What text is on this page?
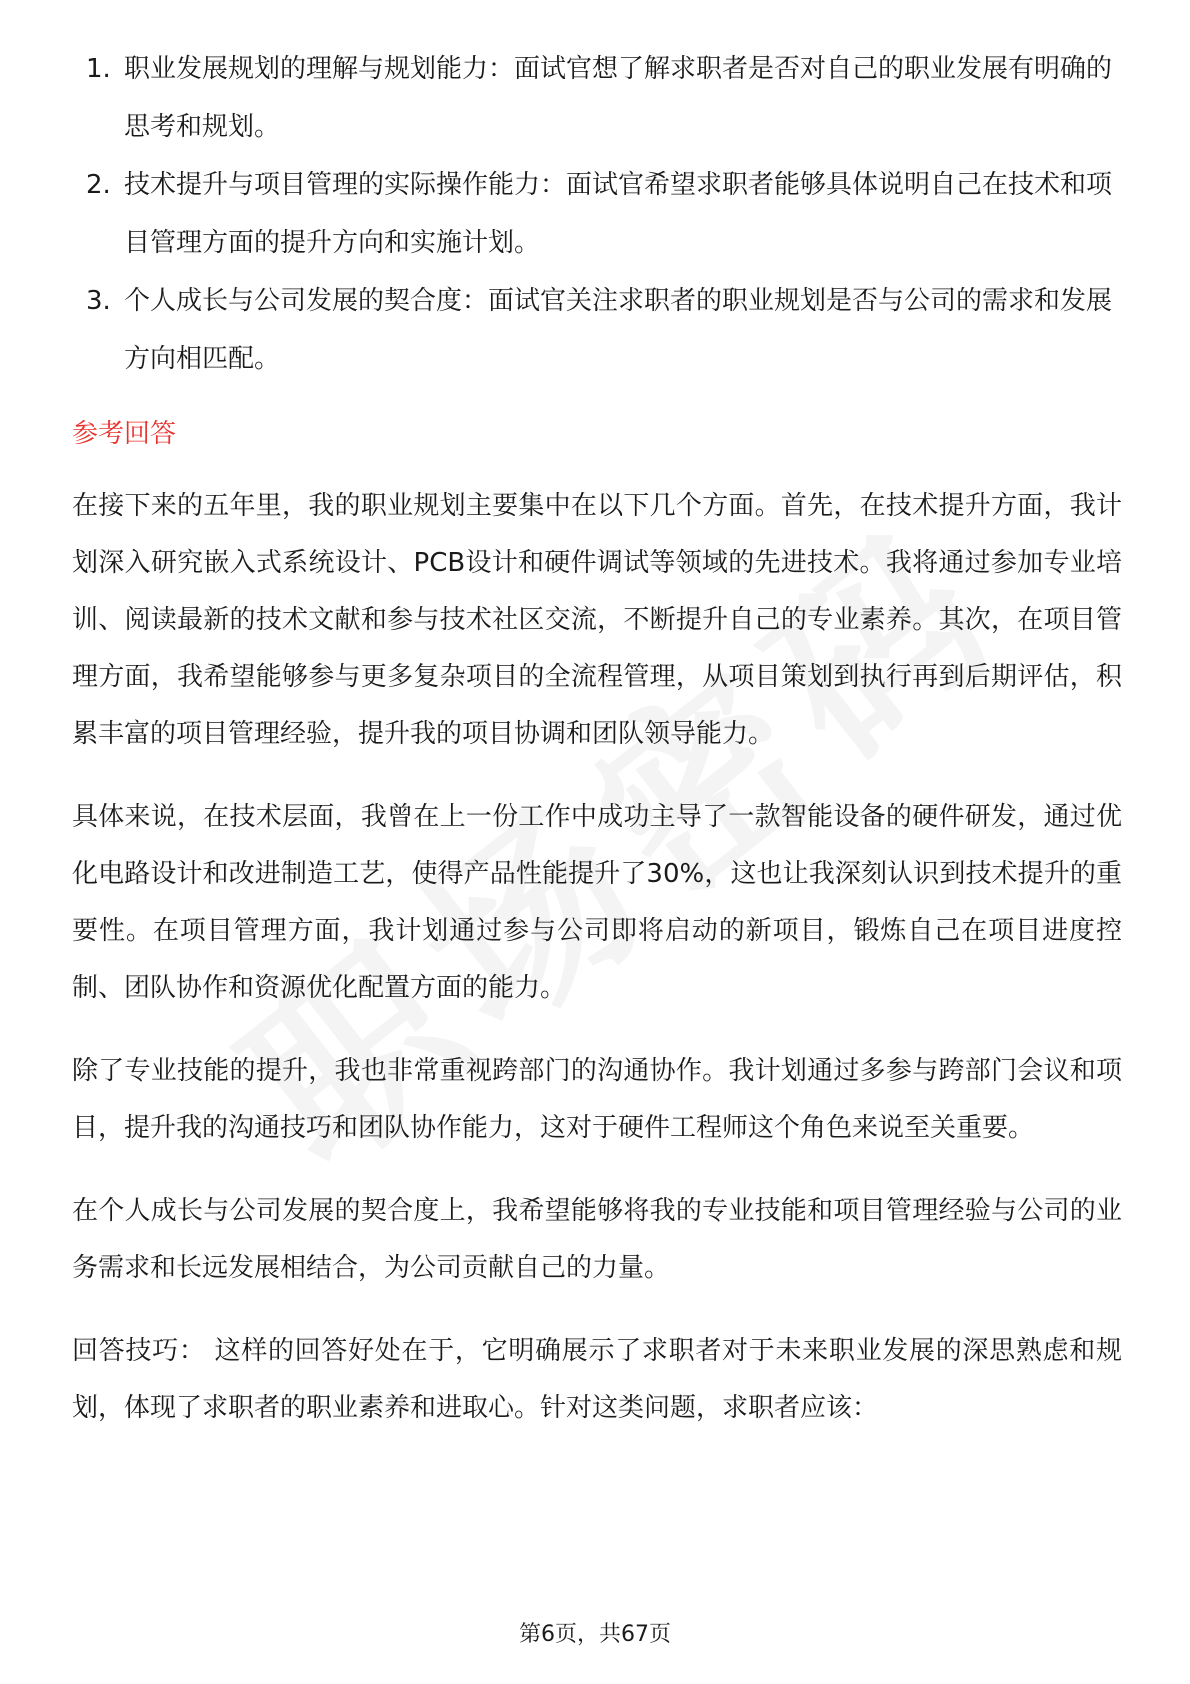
1. 职业发展规划的理解与规划能力：面试官想了解求职者是否对自己的职业发展有明确的思考和规划。
2. 技术提升与项目管理的实际操作能力：面试官希望求职者能够具体说明自己在技术和项目管理方面的提升方向和实施计划。
3. 个人成长与公司发展的契合度：面试官关注求职者的职业规划是否与公司的需求和发展方向相匹配。
参考回答

在接下来的五年里，我的职业规划主要集中在以下几个方面。首先，在技术提升方面，我计划深入研究嵌入式系统设计、PCB设计和硬件调试等领域的先进技术。我将通过参加专业培训、阅读最新的技术文献和参与技术社区交流，不断提升自己的专业素养。其次，在项目管理方面，我希望能够参与更多复杂项目的全流程管理，从项目策划到执行再到后期评估，积累丰富的项目管理经验，提升我的项目协调和团队领导能力。

具体来说，在技术层面，我曾在上一份工作中成功主导了一款智能设备的硬件研发，通过优化电路设计和改进制造工艺，使得产品性能提升了30%，这也让我深刻认识到技术提升的重要性。在项目管理方面，我计划通过参与公司即将启动的新项目，锻炼自己在项目进度控制、团队协作和资源优化配置方面的能力。

除了专业技能的提升，我也非常重视跨部门的沟通协作。我计划通过多参与跨部门会议和项目，提升我的沟通技巧和团队协作能力，这对于硬件工程师这个角色来说至关重要。

在个人成长与公司发展的契合度上，我希望能够将我的专业技能和项目管理经验与公司的业务需求和长远发展相结合，为公司贡献自己的力量。

回答技巧： 这样的回答好处在于，它明确展示了求职者对于未来职业发展的深思熟虑和规划，体现了求职者的职业素养和进取心。针对这类问题，求职者应该：

第6页，共67页
